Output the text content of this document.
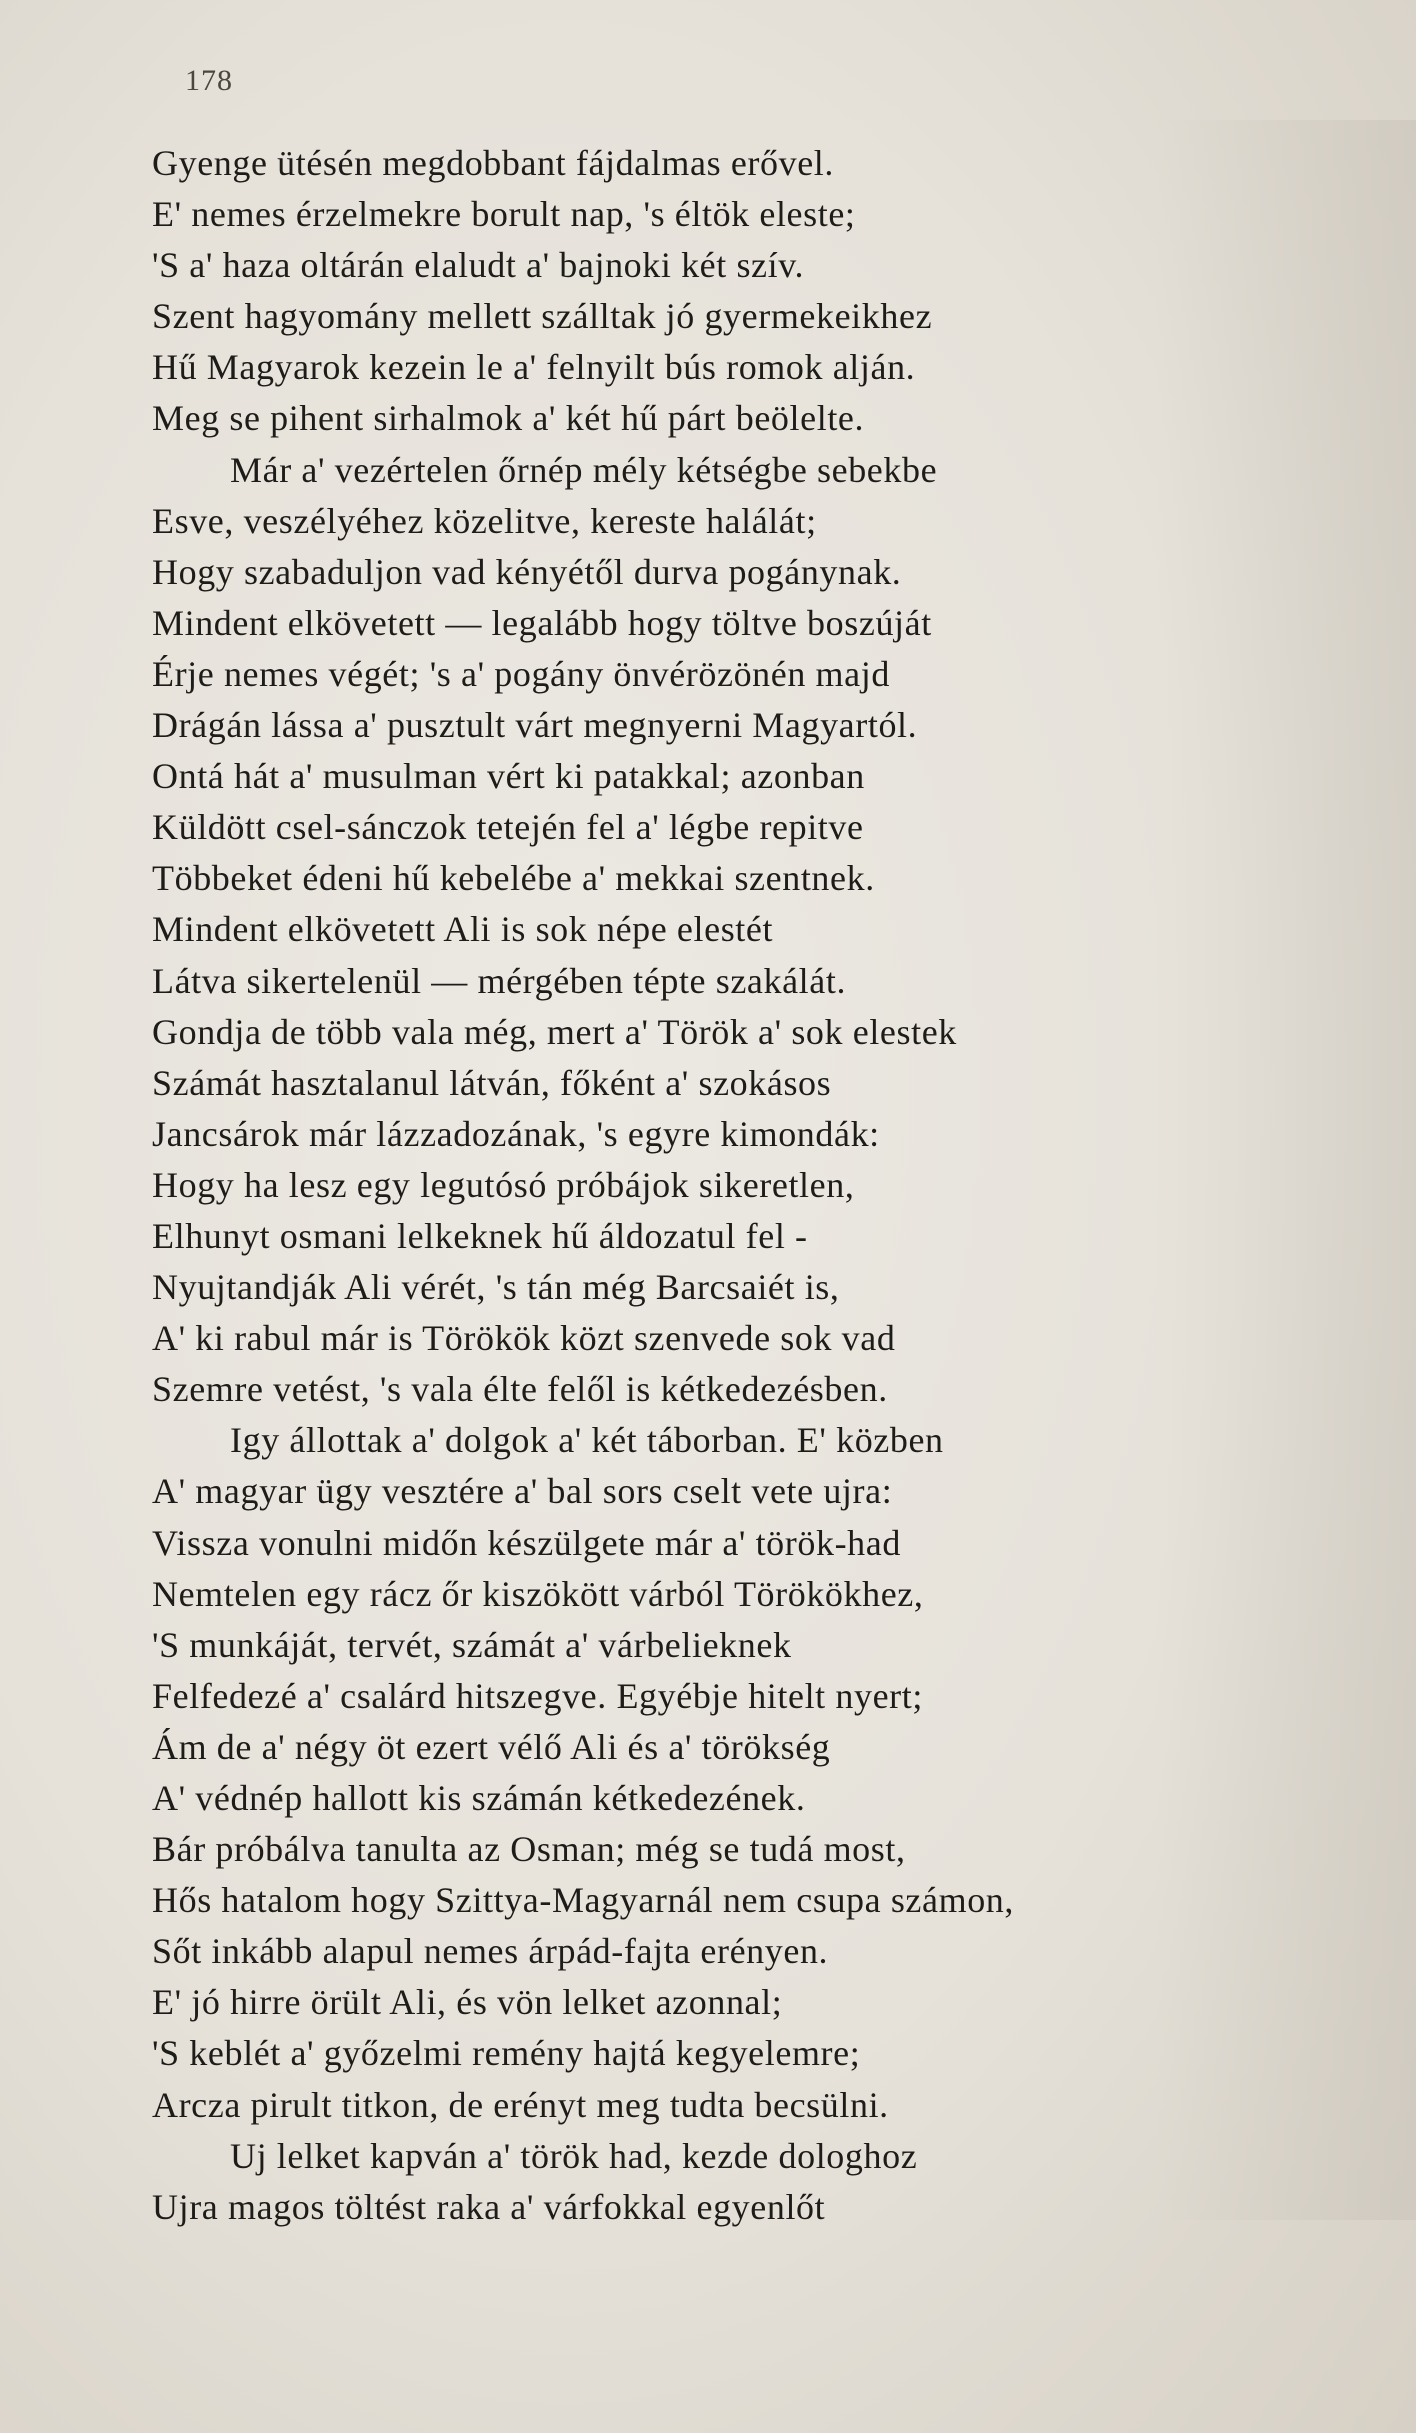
178
Gyenge ütésén megdobbant fájdalmas erővel.
E' nemes érzelmekre borult nap, 's éltök eleste;
'S a' haza oltárán elaludt a' bajnoki két szív.
Szent hagyomány mellett szálltak jó gyermekeikhez
Hű Magyarok kezein le a' felnyilt bús romok alján.
Meg se pihent sirhalmok a' két hű párt beölelte.
Már a' vezértelen őrnép mély kétségbe sebekbe
Esve, veszélyéhez közelitve, kereste halálát;
Hogy szabaduljon vad kényétől durva pogánynak.
Mindent elkövetett — legalább hogy töltve boszúját
Érje nemes végét; 's a' pogány önvérözönén majd
Drágán lássa a' pusztult várt megnyerni Magyartól.
Ontá hát a' musulman vért ki patakkal; azonban
Küldött csel-sánczok tetején fel a' légbe repitve
Többeket édeni hű kebelébe a' mekkai szentnek.
Mindent elkövetett Ali is sok népe elestét
Látva sikertelenül — mérgében tépte szakálát.
Gondja de több vala még, mert a' Török a' sok elestek
Számát hasztalanul látván, főként a' szokásos
Jancsárok már lázzadozának, 's egyre kimondák:
Hogy ha lesz egy legutósó próbájok sikeretlen,
Elhunyt osmani lelkeknek hű áldozatul fel -
Nyujtandják Ali vérét, 's tán még Barcsaiét is,
A' ki rabul már is Törökök közt szenvede sok vad
Szemre vetést, 's vala élte felől is kétkedezésben.
Igy állottak a' dolgok a' két táborban. E' közben
A' magyar ügy vesztére a' bal sors cselt vete ujra:
Vissza vonulni midőn készülgete már a' török-had
Nemtelen egy rácz őr kiszökött várból Törökökhez,
'S munkáját, tervét, számát a' várbelieknek
Felfedezé a' csalárd hitszegve. Egyébje hitelt nyert;
Ám de a' négy öt ezert vélő Ali és a' törökség
A' védnép hallott kis számán kétkedezének.
Bár próbálva tanulta az Osman; még se tudá most,
Hős hatalom hogy Szittya-Magyarnál nem csupa számon,
Sőt inkább alapul nemes árpád-fajta erényen.
E' jó hirre örült Ali, és vön lelket azonnal;
'S keblét a' győzelmi remény hajtá kegyelemre;
Arcza pirult titkon, de erényt meg tudta becsülni.
Uj lelket kapván a' török had, kezde dologhoz
Ujra magos töltést raka a' várfokkal egyenlőt
